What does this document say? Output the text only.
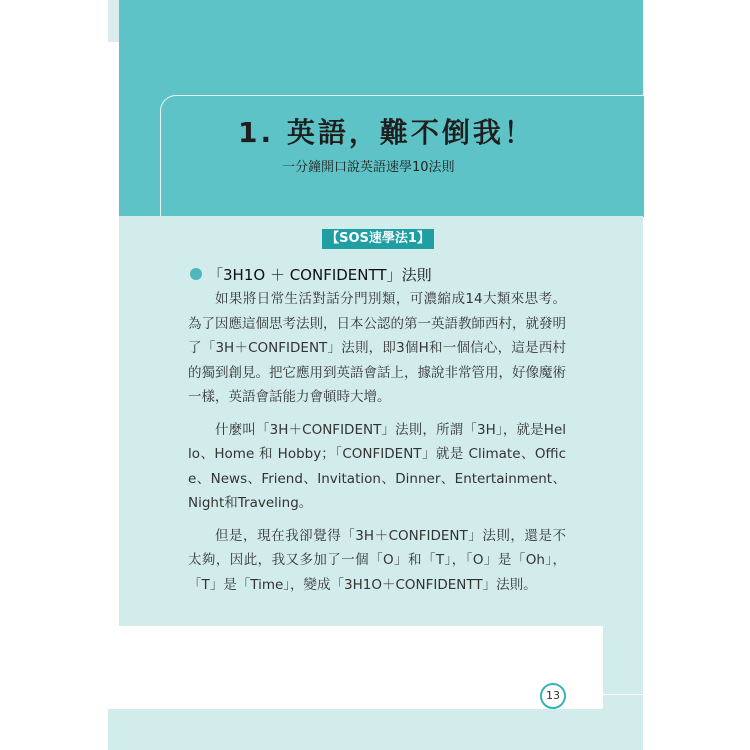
1. 英語，難不倒我！

一分鐘開口說英語速學10法則

【SOS速學法1】
「3H1O ＋ CONFIDENTT」法則

如果將日常生活對話分門別類，可濃縮成14大類來思考。為了因應這個思考法則，日本公認的第一英語教師西村，就發明了「3H＋CONFIDENT」法則，即3個H和一個信心，這是西村的獨到創見。把它應用到英語會話上，據說非常管用，好像魔術一樣，英語會話能力會頓時大增。

什麼叫「3H＋CONFIDENT」法則，所謂「3H」，就是Hello、Home 和 Hobby；「CONFIDENT」就是 Climate、Office、News、Friend、Invitation、Dinner、Entertainment、Night和Traveling。

但是，現在我卻覺得「3H＋CONFIDENT」法則，還是不太夠，因此，我又多加了一個「O」和「T」，「O」是「Oh」，「T」是「Time」，變成「3H1O＋CONFIDENTT」法則。

13
